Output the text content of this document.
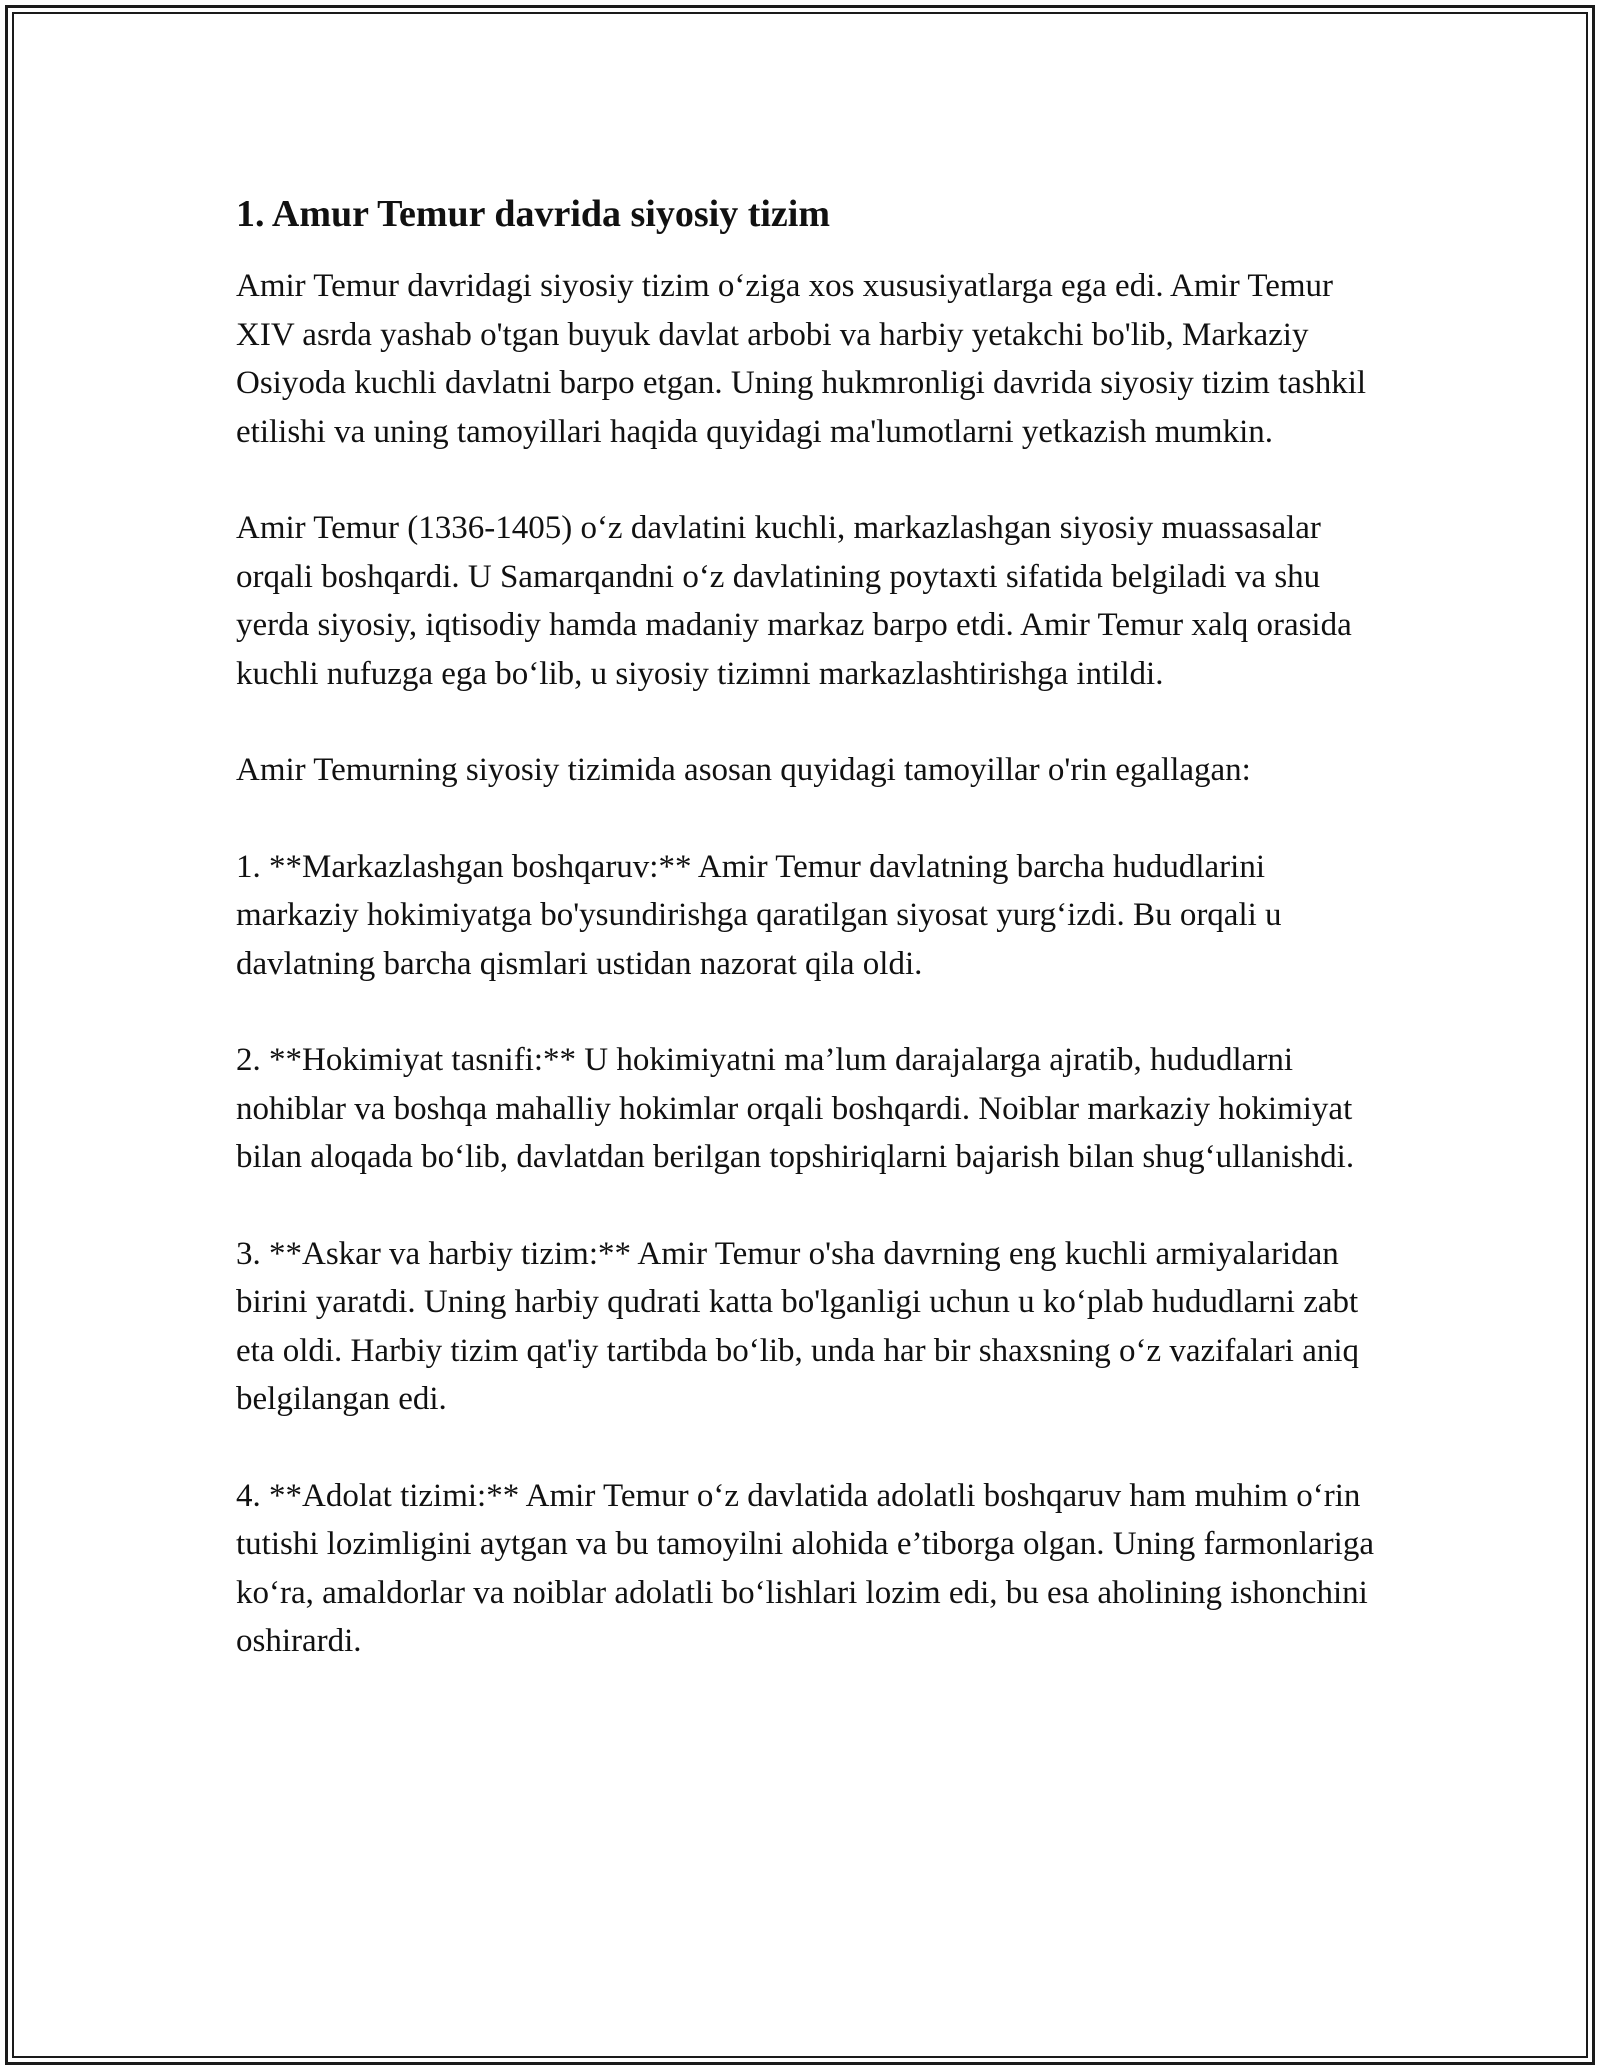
1. Amur Temur davrida siyosiy tizim

Amir Temur davridagi siyosiy tizim o‘ziga xos xususiyatlarga ega edi. Amir Temur XIV asrda yashab o'tgan buyuk davlat arbobi va harbiy yetakchi bo'lib, Markaziy Osiyoda kuchli davlatni barpo etgan. Uning hukmronligi davrida siyosiy tizim tashkil etilishi va uning tamoyillari haqida quyidagi ma'lumotlarni yetkazish mumkin.

Amir Temur (1336-1405) o‘z davlatini kuchli, markazlashgan siyosiy muassasalar orqali boshqardi. U Samarqandni o‘z davlatining poytaxti sifatida belgiladi va shu yerda siyosiy, iqtisodiy hamda madaniy markaz barpo etdi. Amir Temur xalq orasida kuchli nufuzga ega bo‘lib, u siyosiy tizimni markazlashtirishga intildi.

Amir Temurning siyosiy tizimida asosan quyidagi tamoyillar o'rin egallagan:

1. **Markazlashgan boshqaruv:** Amir Temur davlatning barcha hududlarini markaziy hokimiyatga bo'ysundirishga qaratilgan siyosat yurg‘izdi. Bu orqali u davlatning barcha qismlari ustidan nazorat qila oldi.

2. **Hokimiyat tasnifi:** U hokimiyatni ma’lum darajalarga ajratib, hududlarni nohiblar va boshqa mahalliy hokimlar orqali boshqardi. Noiblar markaziy hokimiyat bilan aloqada bo‘lib, davlatdan berilgan topshiriqlarni bajarish bilan shug‘ullanishdi.

3. **Askar va harbiy tizim:** Amir Temur o'sha davrning eng kuchli armiyalaridan birini yaratdi. Uning harbiy qudrati katta bo'lganligi uchun u ko‘plab hududlarni zabt eta oldi. Harbiy tizim qat'iy tartibda bo‘lib, unda har bir shaxsning o‘z vazifalari aniq belgilangan edi.

4. **Adolat tizimi:** Amir Temur o‘z davlatida adolatli boshqaruv ham muhim o‘rin tutishi lozimligini aytgan va bu tamoyilni alohida e’tiborga olgan. Uning farmonlariga ko‘ra, amaldorlar va noiblar adolatli bo‘lishlari lozim edi, bu esa aholining ishonchini oshirardi.
